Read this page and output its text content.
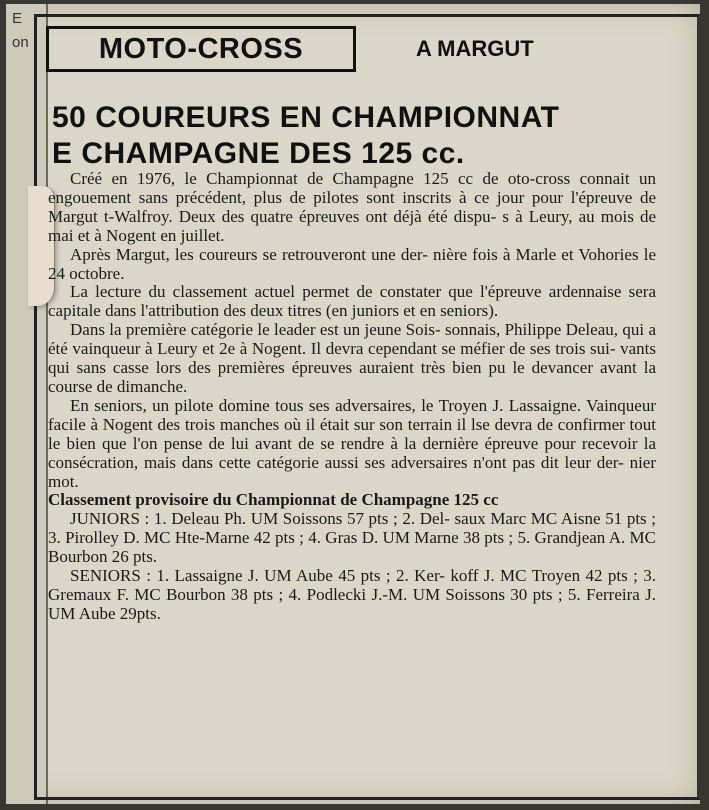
E
on	MOTO-CROSS	A MARGUT
50 COUREURS EN CHAMPIONNAT
E CHAMPAGNE DES 125 cc.

Créé en 1976, le Championnat de Champagne 125 cc de oto-cross connait un engouement sans précédent, plus de pilotes sont inscrits à ce jour pour l'épreuve de Margut t-Walfroy. Deux des quatre épreuves ont déjà été dispu- s à Leury, au mois de mai et à Nogent en juillet.

Après Margut, les coureurs se retrouveront une der- nière fois à Marle et Vohories le 24 octobre.

La lecture du classement actuel permet de constater que l'épreuve ardennaise sera capitale dans l'attribution des deux titres (en juniors et en seniors).

Dans la première catégorie le leader est un jeune Sois- sonnais, Philippe Deleau, qui a été vainqueur à Leury et 2e à Nogent. Il devra cependant se méfier de ses trois sui- vants qui sans casse lors des premières épreuves auraient très bien pu le devancer avant la course de dimanche.

En seniors, un pilote domine tous ses adversaires, le Troyen J. Lassaigne. Vainqueur facile à Nogent des trois manches où il était sur son terrain il lse devra de confirmer tout le bien que l'on pense de lui avant de se rendre à la dernière épreuve pour recevoir la consécration, mais dans cette catégorie aussi ses adversaires n'ont pas dit leur der- nier mot.

Classement provisoire du Championnat de Champagne 125 cc

JUNIORS : 1. Deleau Ph. UM Soissons 57 pts ; 2. Del- saux Marc MC Aisne 51 pts ; 3. Pirolley D. MC Hte-Marne 42 pts ; 4. Gras D. UM Marne 38 pts ; 5. Grandjean A. MC Bourbon 26 pts.

SENIORS : 1. Lassaigne J. UM Aube 45 pts ; 2. Ker- koff J. MC Troyen 42 pts ; 3. Gremaux F. MC Bourbon 38 pts ; 4. Podlecki J.-M. UM Soissons 30 pts ; 5. Ferreira J. UM Aube 29pts.
